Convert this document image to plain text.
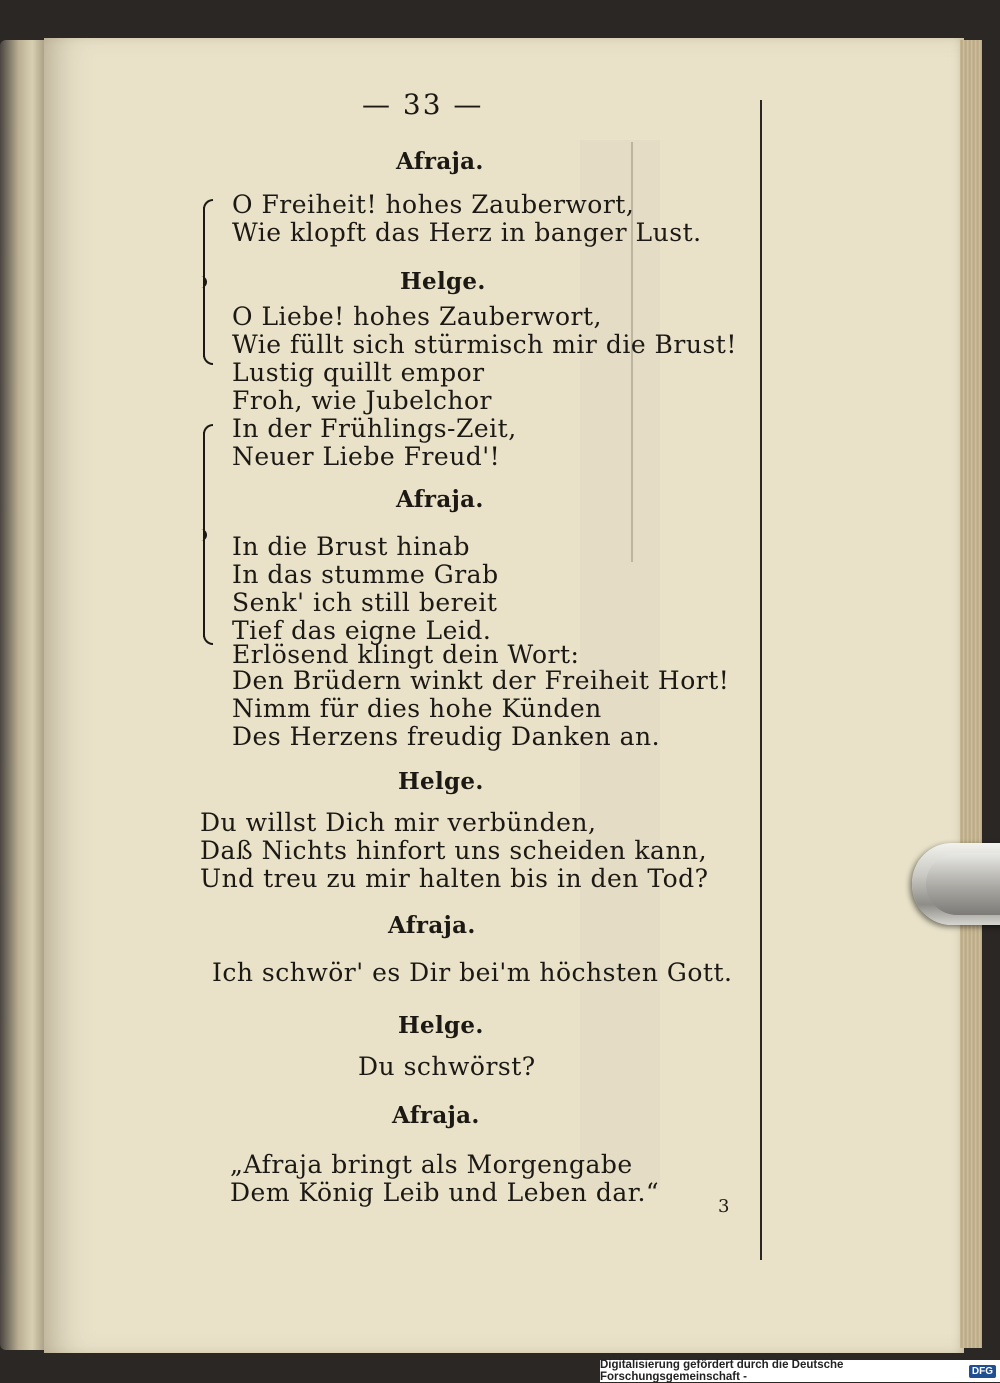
— 33 —
Afraja.
O Freiheit! hohes Zauberwort,
Wie klopft das Herz in banger Lust.
Helge.
O Liebe! hohes Zauberwort,
Wie füllt sich stürmisch mir die Brust!
Lustig quillt empor
Froh, wie Jubelchor
In der Frühlings-Zeit,
Neuer Liebe Freud'!
Afraja.
In die Brust hinab
In das stumme Grab
Senk' ich still bereit
Tief das eigne Leid.
Erlösend klingt dein Wort:
Den Brüdern winkt der Freiheit Hort!
Nimm für dies hohe Künden
Des Herzens freudig Danken an.
Helge.
Du willst Dich mir verbünden,
Daß Nichts hinfort uns scheiden kann,
Und treu zu mir halten bis in den Tod?
Afraja.
Ich schwör' es Dir bei'm höchsten Gott.
Helge.
Du schwörst?
Afraja.
„Afraja bringt als Morgengabe
Dem König Leib und Leben dar.“	3
Digitalisierung gefördert durch die Deutsche Forschungsgemeinschaft -	DFG
